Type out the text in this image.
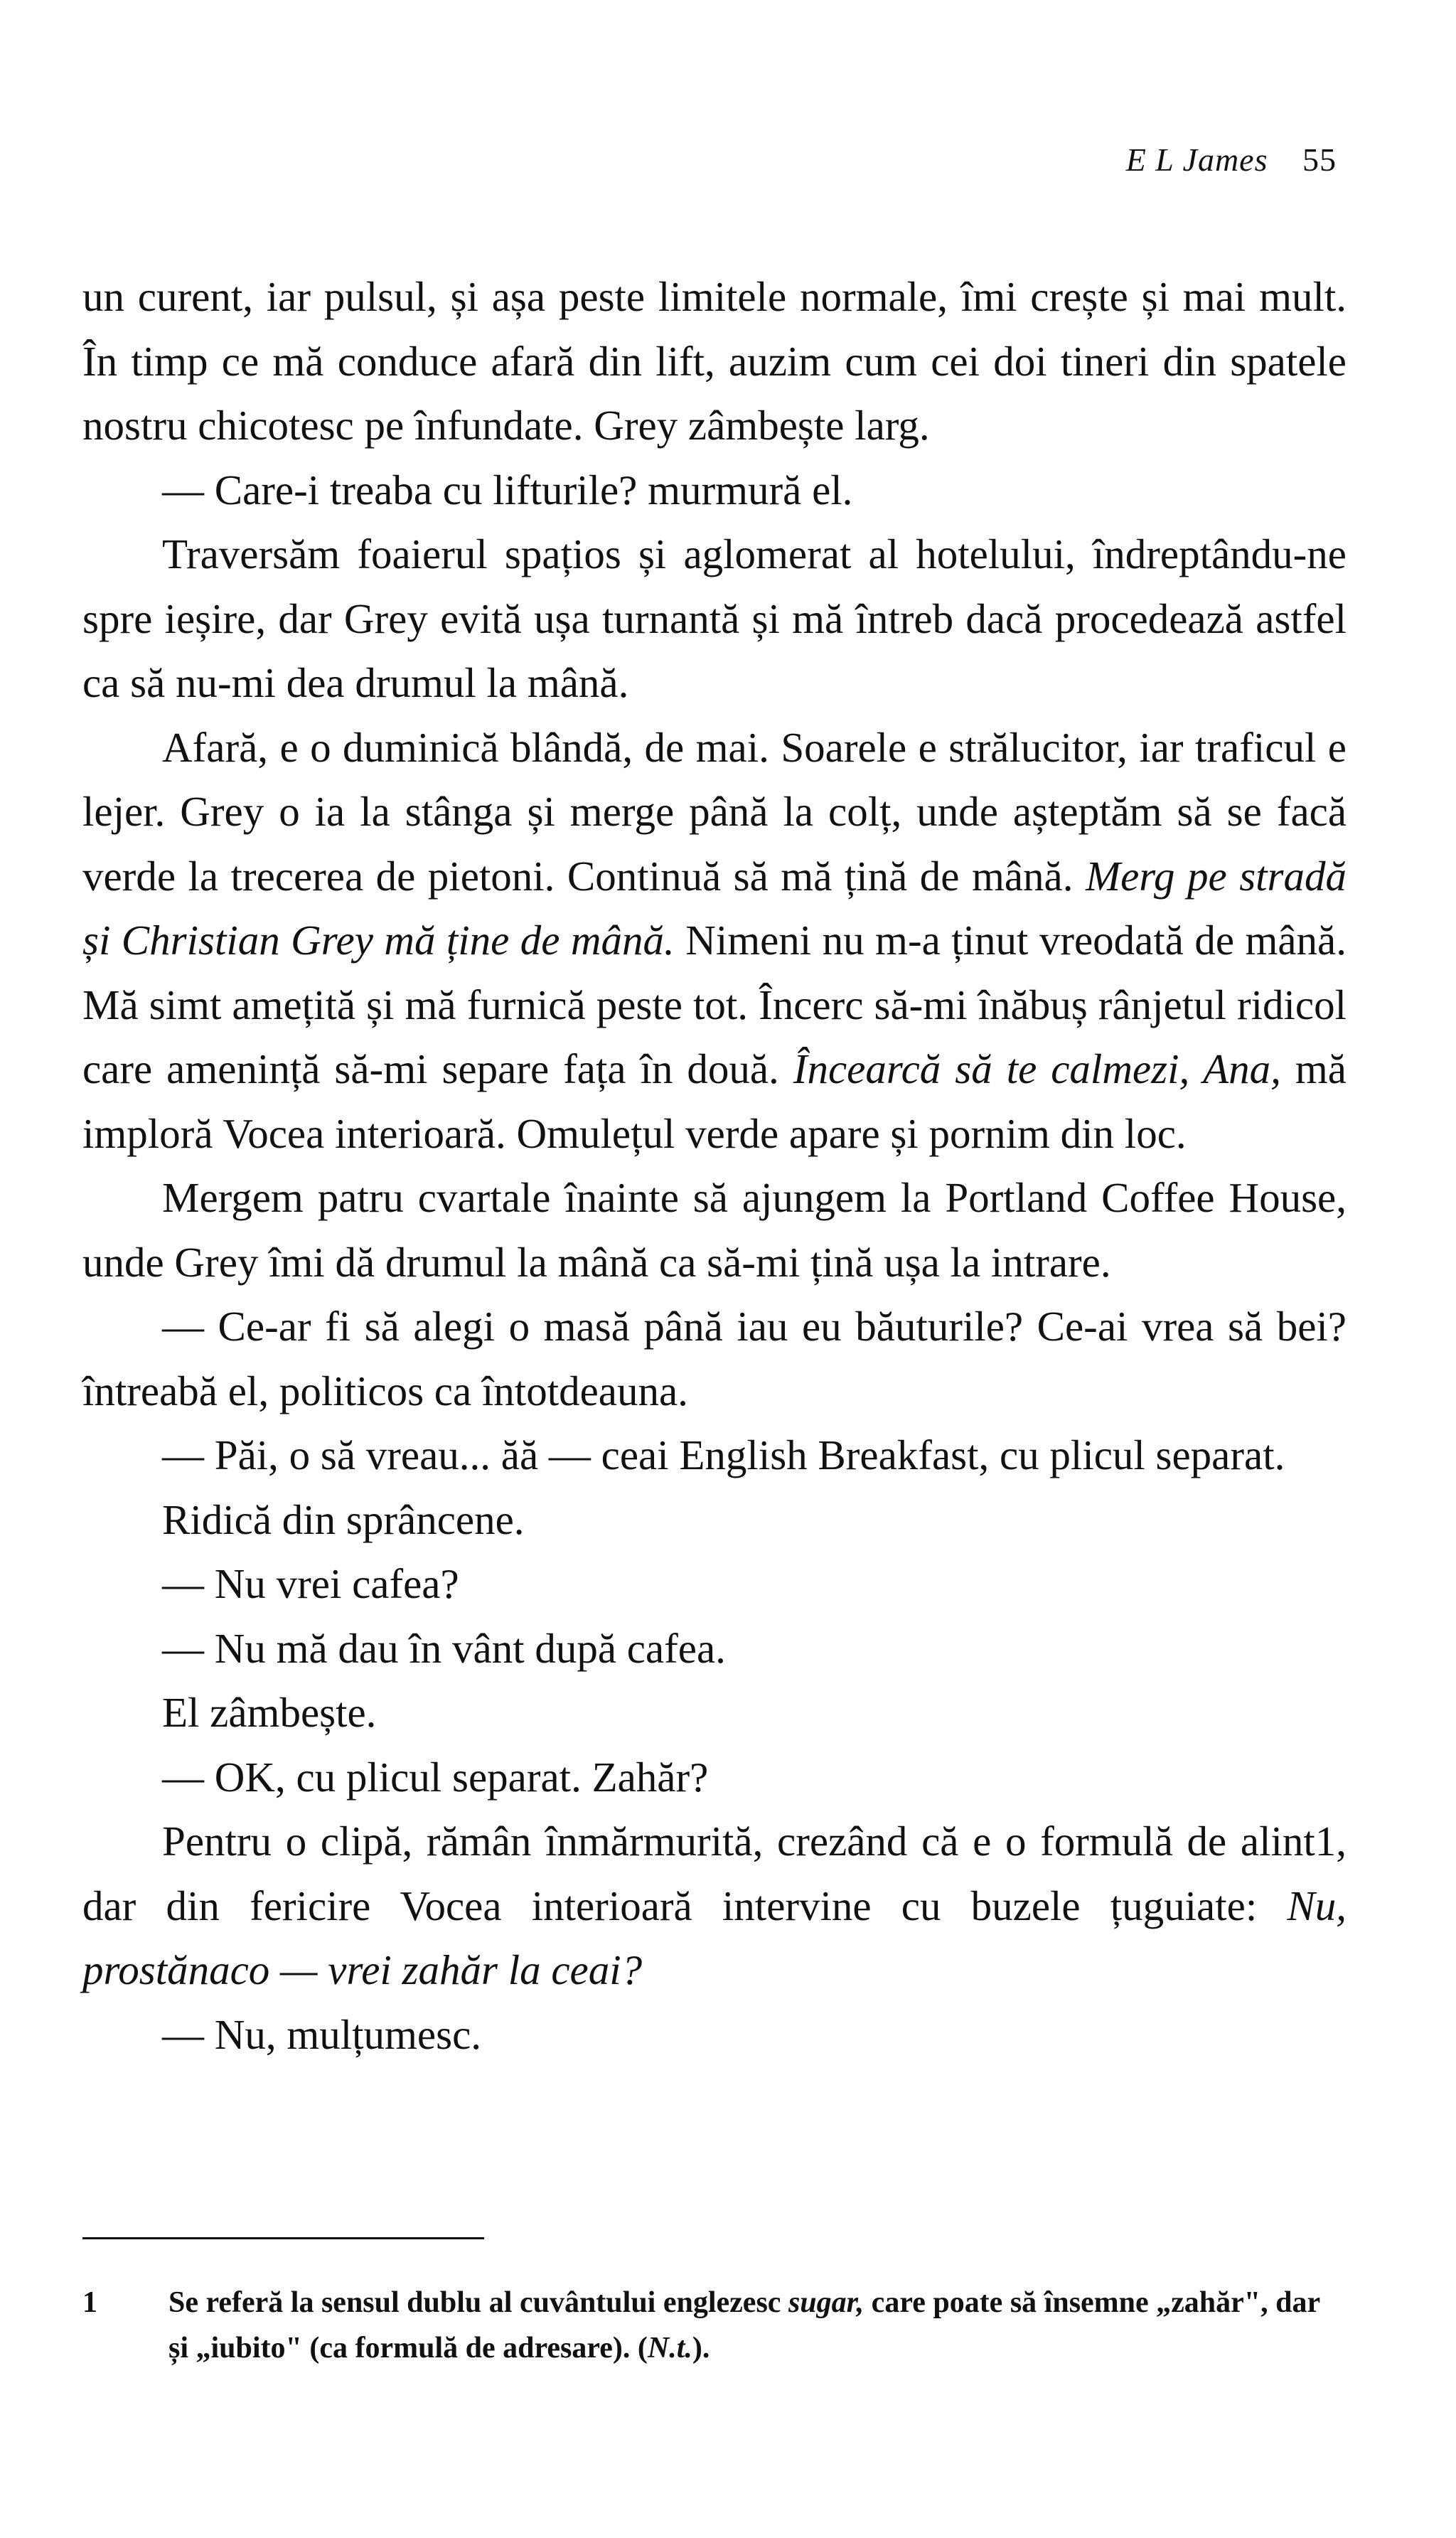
E L James 55

un curent, iar pulsul, și așa peste limitele normale, îmi crește și mai mult. În timp ce mă conduce afară din lift, auzim cum cei doi tineri din spatele nostru chicotesc pe înfundate. Grey zâmbește larg.

— Care-i treaba cu lifturile? murmură el.

Traversăm foaierul spațios și aglomerat al hotelului, îndreptându-ne spre ieșire, dar Grey evită ușa turnantă și mă întreb dacă procedează astfel ca să nu-mi dea drumul la mână.

Afară, e o duminică blândă, de mai. Soarele e strălucitor, iar traficul e lejer. Grey o ia la stânga și merge până la colț, unde așteptăm să se facă verde la trecerea de pietoni. Continuă să mă țină de mână. Merg pe stradă și Christian Grey mă ține de mână. Nimeni nu m-a ținut vreodată de mână. Mă simt amețită și mă furnică peste tot. Încerc să-mi înăbuș rânjetul ridicol care amenință să-mi separe fața în două. Încearcă să te calmezi, Ana, mă imploră Vocea interioară. Omulețul verde apare și pornim din loc.

Mergem patru cvartale înainte să ajungem la Portland Coffee House, unde Grey îmi dă drumul la mână ca să-mi țină ușa la intrare.

— Ce-ar fi să alegi o masă până iau eu băuturile? Ce-ai vrea să bei? întreabă el, politicos ca întotdeauna.

— Păi, o să vreau... ăă — ceai English Breakfast, cu plicul separat.

Ridică din sprâncene.

— Nu vrei cafea?

— Nu mă dau în vânt după cafea.

El zâmbește.

— OK, cu plicul separat. Zahăr?

Pentru o clipă, rămân înmărmurită, crezând că e o formulă de alint1, dar din fericire Vocea interioară intervine cu buzele țuguiate: Nu, prostănaco — vrei zahăr la ceai?

— Nu, mulțumesc.

1 Se referă la sensul dublu al cuvântului englezesc sugar, care poate să însemne „zahăr", dar și „iubito" (ca formulă de adresare). (N.t.).
